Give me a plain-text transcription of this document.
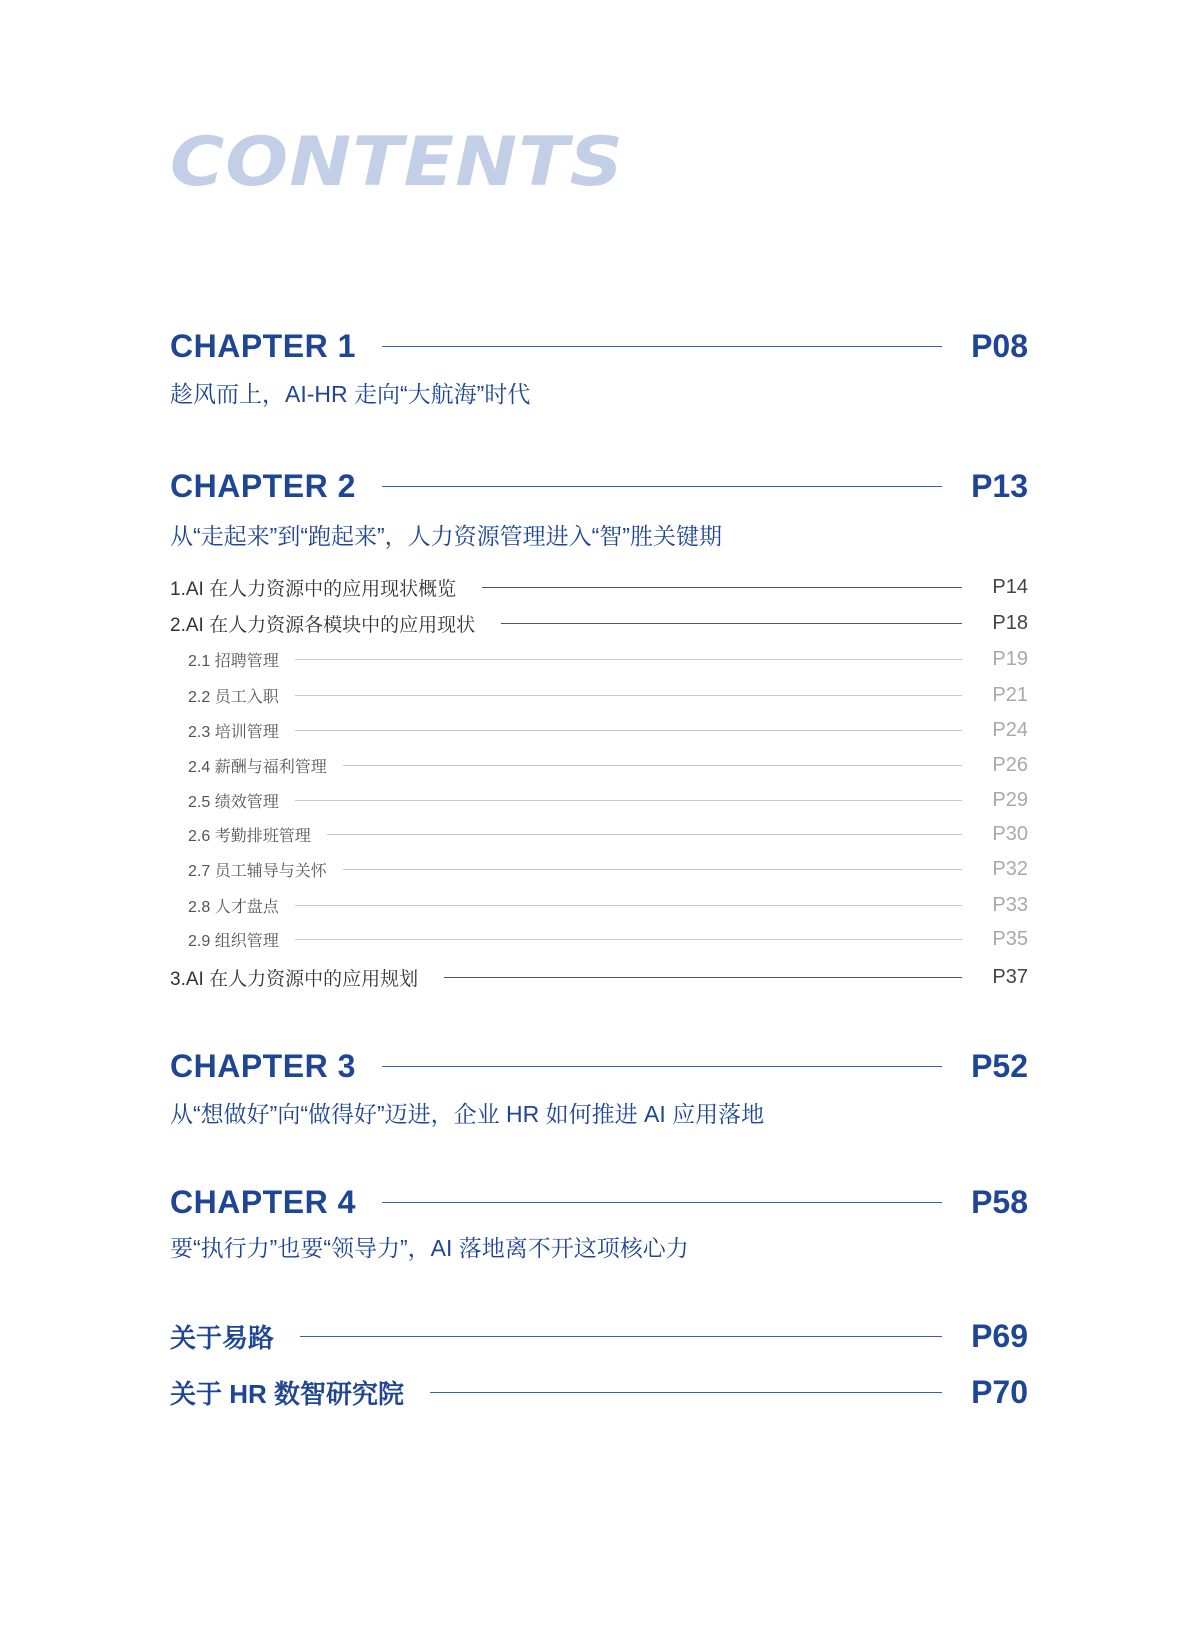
CONTENTS
CHAPTER 1	P08
趁风而上，AI-HR 走向“大航海”时代
CHAPTER 2	P13
从“走起来”到“跑起来”，人力资源管理进入“智”胜关键期
1.AI 在人力资源中的应用现状概览	P14
2.AI 在人力资源各模块中的应用现状	P18
2.1 招聘管理	P19
2.2 员工入职	P21
2.3 培训管理	P24
2.4 薪酬与福利管理	P26
2.5 绩效管理	P29
2.6 考勤排班管理	P30
2.7 员工辅导与关怀	P32
2.8 人才盘点	P33
2.9 组织管理	P35
3.AI 在人力资源中的应用规划	P37
CHAPTER 3	P52
从“想做好”向“做得好”迈进，企业 HR 如何推进 AI 应用落地
CHAPTER 4	P58
要“执行力”也要“领导力”，AI 落地离不开这项核心力
关于易路	P69
关于 HR 数智研究院	P70
